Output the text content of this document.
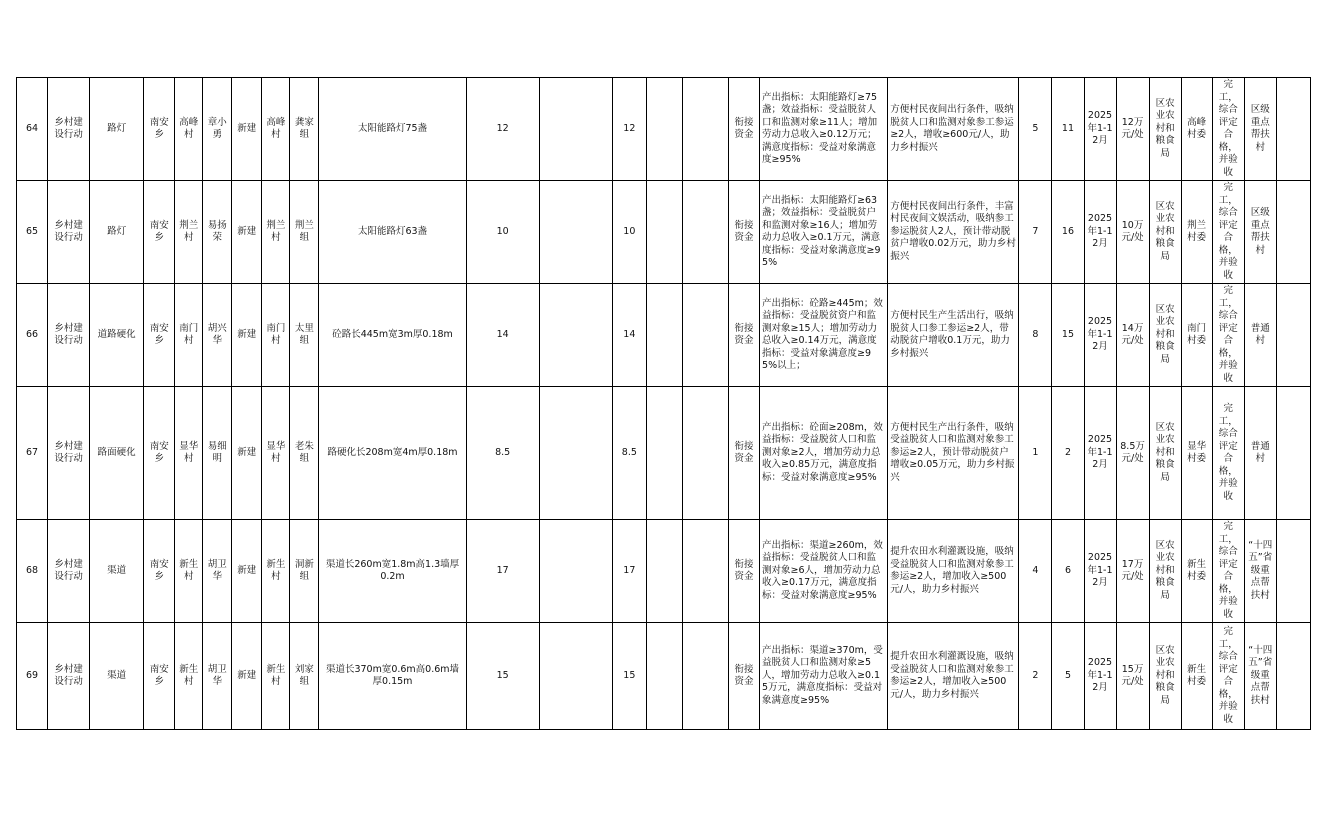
64	乡村建设行动	路灯	南安乡	高峰村	章小勇	新建	高峰村	龚家组	太阳能路灯75盏	12		12			衔接资金	产出指标：太阳能路灯≥75盏；效益指标：受益脱贫人口和监测对象≥11人；增加劳动力总收入≥0.12万元；满意度指标：受益对象满意度≥95%	方便村民夜间出行条件，吸纳脱贫人口和监测对象参工参运≥2人，增收≥600元/人，助力乡村振兴	5	11	2025年1-12月	12万元/处	区农业农村和粮食局	高峰村委	完工，综合评定合格，并验收	区级重点帮扶村	
65	乡村建设行动	路灯	南安乡	荆兰村	易扬荣	新建	荆兰村	荆兰组	太阳能路灯63盏	10		10			衔接资金	产出指标：太阳能路灯≥63盏；效益指标：受益脱贫户和监测对象≥16人；增加劳动力总收入≥0.1万元，满意度指标：受益对象满意度≥95%	方便村民夜间出行条件，丰富村民夜间文娱活动，吸纳参工参运脱贫人2人，预计带动脱贫户增收0.02万元，助力乡村振兴	7	16	2025年1-12月	10万元/处	区农业农村和粮食局	荆兰村委	完工，综合评定合格，并验收	区级重点帮扶村	
66	乡村建设行动	道路硬化	南安乡	南门村	胡兴华	新建	南门村	太里组	砼路长445m宽3m厚0.18m	14		14			衔接资金	产出指标：砼路≥445m；效益指标：受益脱贫资户和监测对象≥15人；增加劳动力总收入≥0.14万元，满意度指标：受益对象满意度≥95%以上；	方便村民生产生活出行，吸纳脱贫人口参工参运≥2人，带动脱贫户增收0.1万元，助力乡村振兴	8	15	2025年1-12月	14万元/处	区农业农村和粮食局	南门村委	完工，综合评定合格，并验收	普通村	
67	乡村建设行动	路面硬化	南安乡	显华村	易细明	新建	显华村	老朱组	路硬化长208m宽4m厚0.18m	8.5		8.5			衔接资金	产出指标：砼面≥208m，效益指标：受益脱贫人口和监测对象≥2人，增加劳动力总收入≥0.85万元，满意度指标：受益对象满意度≥95%	方便村民生产出行条件，吸纳受益脱贫人口和监测对象参工参运≥2人，预计带动脱贫户增收≥0.05万元，助力乡村振兴	1	2	2025年1-12月	8.5万元/处	区农业农村和粮食局	显华村委	完工，综合评定合格，并验收	普通村	
68	乡村建设行动	渠道	南安乡	新生村	胡卫华	新建	新生村	洞新组	渠道长260m宽1.8m高1.3墙厚0.2m	17		17			衔接资金	产出指标：渠道≥260m，效益指标：受益脱贫人口和监测对象≥6人，增加劳动力总收入≥0.17万元，满意度指标：受益对象满意度≥95%	提升农田水利灌溉设施，吸纳受益脱贫人口和监测对象参工参运≥2人，增加收入≥500元/人，助力乡村振兴	4	6	2025年1-12月	17万元/处	区农业农村和粮食局	新生村委	完工，综合评定合格，并验收	“十四五”省级重点帮扶村	
69	乡村建设行动	渠道	南安乡	新生村	胡卫华	新建	新生村	刘家组	渠道长370m宽0.6m高0.6m墙厚0.15m	15		15			衔接资金	产出指标：渠道≥370m，受益脱贫人口和监测对象≥5人，增加劳动力总收入≥0.15万元，满意度指标：受益对象满意度≥95%	提升农田水利灌溉设施，吸纳受益脱贫人口和监测对象参工参运≥2人，增加收入≥500元/人，助力乡村振兴	2	5	2025年1-12月	15万元/处	区农业农村和粮食局	新生村委	完工，综合评定合格，并验收	“十四五”省级重点帮扶村	
